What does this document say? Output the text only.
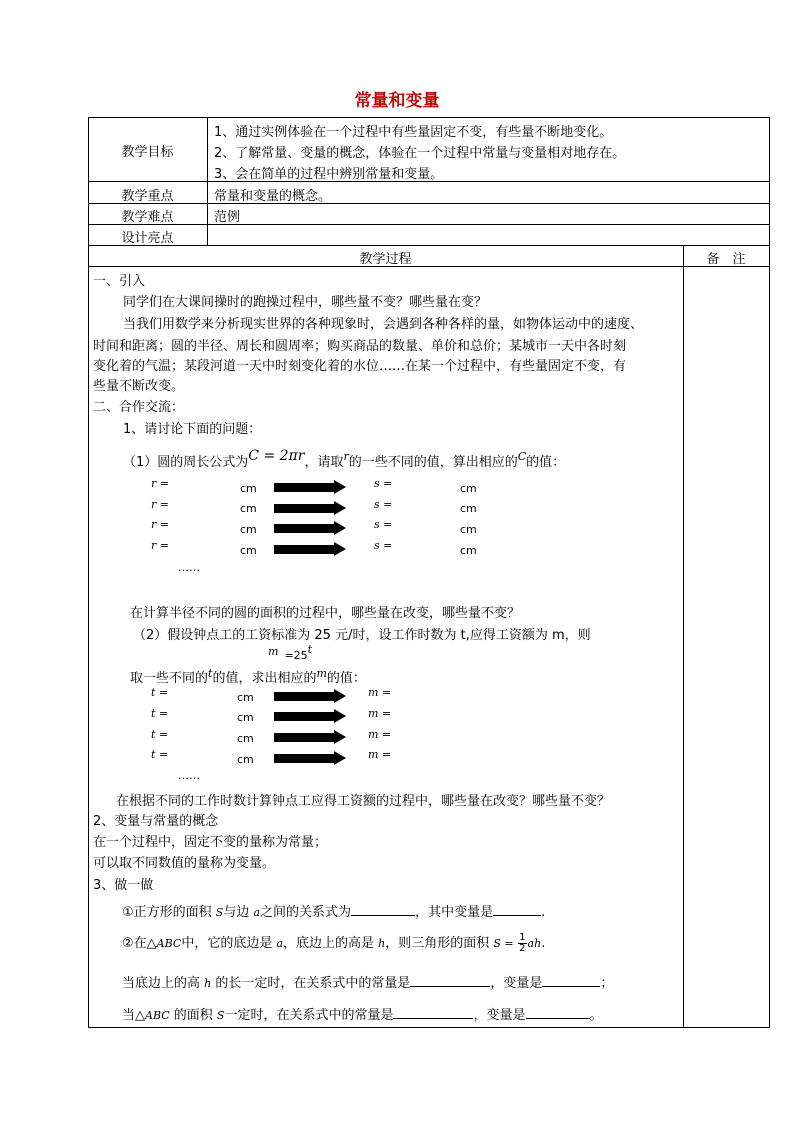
常量和变量
教学目标
1、通过实例体验在一个过程中有些量固定不变，有些量不断地变化。
2、了解常量、变量的概念，体验在一个过程中常量与变量相对地存在。
3、会在简单的过程中辨别常量和变量。
教学重点	常量和变量的概念。
教学难点	范例
设计亮点
教学过程	备　注
一、引入
同学们在大课间操时的跑操过程中，哪些量不变？哪些量在变？
当我们用数学来分析现实世界的各种现象时，会遇到各种各样的量，如物体运动中的速度、
时间和距离；圆的半径、周长和圆周率；购买商品的数量、单价和总价；某城市一天中各时刻
变化着的气温；某段河道一天中时刻变化着的水位……在某一个过程中，有些量固定不变，有
些量不断改变。
二、合作交流：
1、请讨论下面的问题：
（1）圆的周长公式为C = 2πr，请取$^r$的一些不同的值，算出相应的$^C$的值：
r =	cm	s =	cm
r =	cm	s =	cm
r =	cm	s =	cm
r =	cm	s =	cm
……
在计算半径不同的圆的面积的过程中，哪些量在改变，哪些量不变？
（2）假设钟点工的工资标准为 25 元/时，设工作时数为 t,应得工资额为 m，则
m $_{=25}$t
取一些不同的$^t$的值，求出相应的$^m$的值：
t =	cm	m =
t =	cm	m =
t =	cm	m =
t =	cm	m =
……
在根据不同的工作时数计算钟点工应得工资额的过程中，哪些量在改变？哪些量不变？
2、变量与常量的概念
在一个过程中，固定不变的量称为常量；
可以取不同数值的量称为变量。
3、做一做
①正方形的面积 S与边 a之间的关系式为	，其中变量是	.
②在△ABC中，它的底边是 a，底边上的高是 h，则三角形的面积 $S = \frac{1}{2}$ ah.
当底边上的高 h 的长一定时，在关系式中的常量是	，变量是	；
当△ABC 的面积 S一定时，在关系式中的常量是	，变量是	。
